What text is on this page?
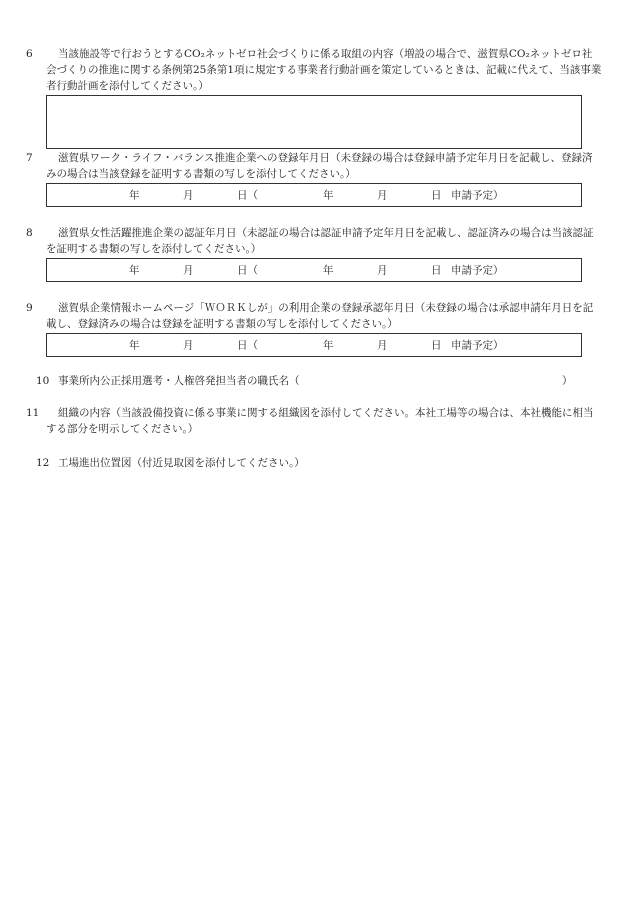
6 当該施設等で行おうとするCO₂ネットゼロ社会づくりに係る取組の内容（増設の場合で、滋賀県CO₂ネットゼロ社会づくりの推進に関する条例第25条第1項に規定する事業者行動計画を策定しているときは、記載に代えて、当該事業者行動計画を添付してください。）
7 滋賀県ワーク・ライフ・バランス推進企業への登録年月日（未登録の場合は登録申請予定年月日を記載し、登録済みの場合は当該登録を証明する書類の写しを添付してください。）
年	月	日（	年	月	日 申請予定）
8 滋賀県女性活躍推進企業の認証年月日（未認証の場合は認証申請予定年月日を記載し、認証済みの場合は当該認証を証明する書類の写しを添付してください。）
年	月	日（	年	月	日 申請予定）
9 滋賀県企業情報ホームページ「ＷＯＲＫしが」の利用企業の登録承認年月日（未登録の場合は承認申請年月日を記載し、登録済みの場合は登録を証明する書類の写しを添付してください。）
年	月	日（	年	月	日 申請予定）
10 事業所内公正採用選考・人権啓発担当者の職氏名（	）
11 組織の内容（当該設備投資に係る事業に関する組織図を添付してください。本社工場等の場合は、本社機能に相当する部分を明示してください。）
12 工場進出位置図（付近見取図を添付してください。）
